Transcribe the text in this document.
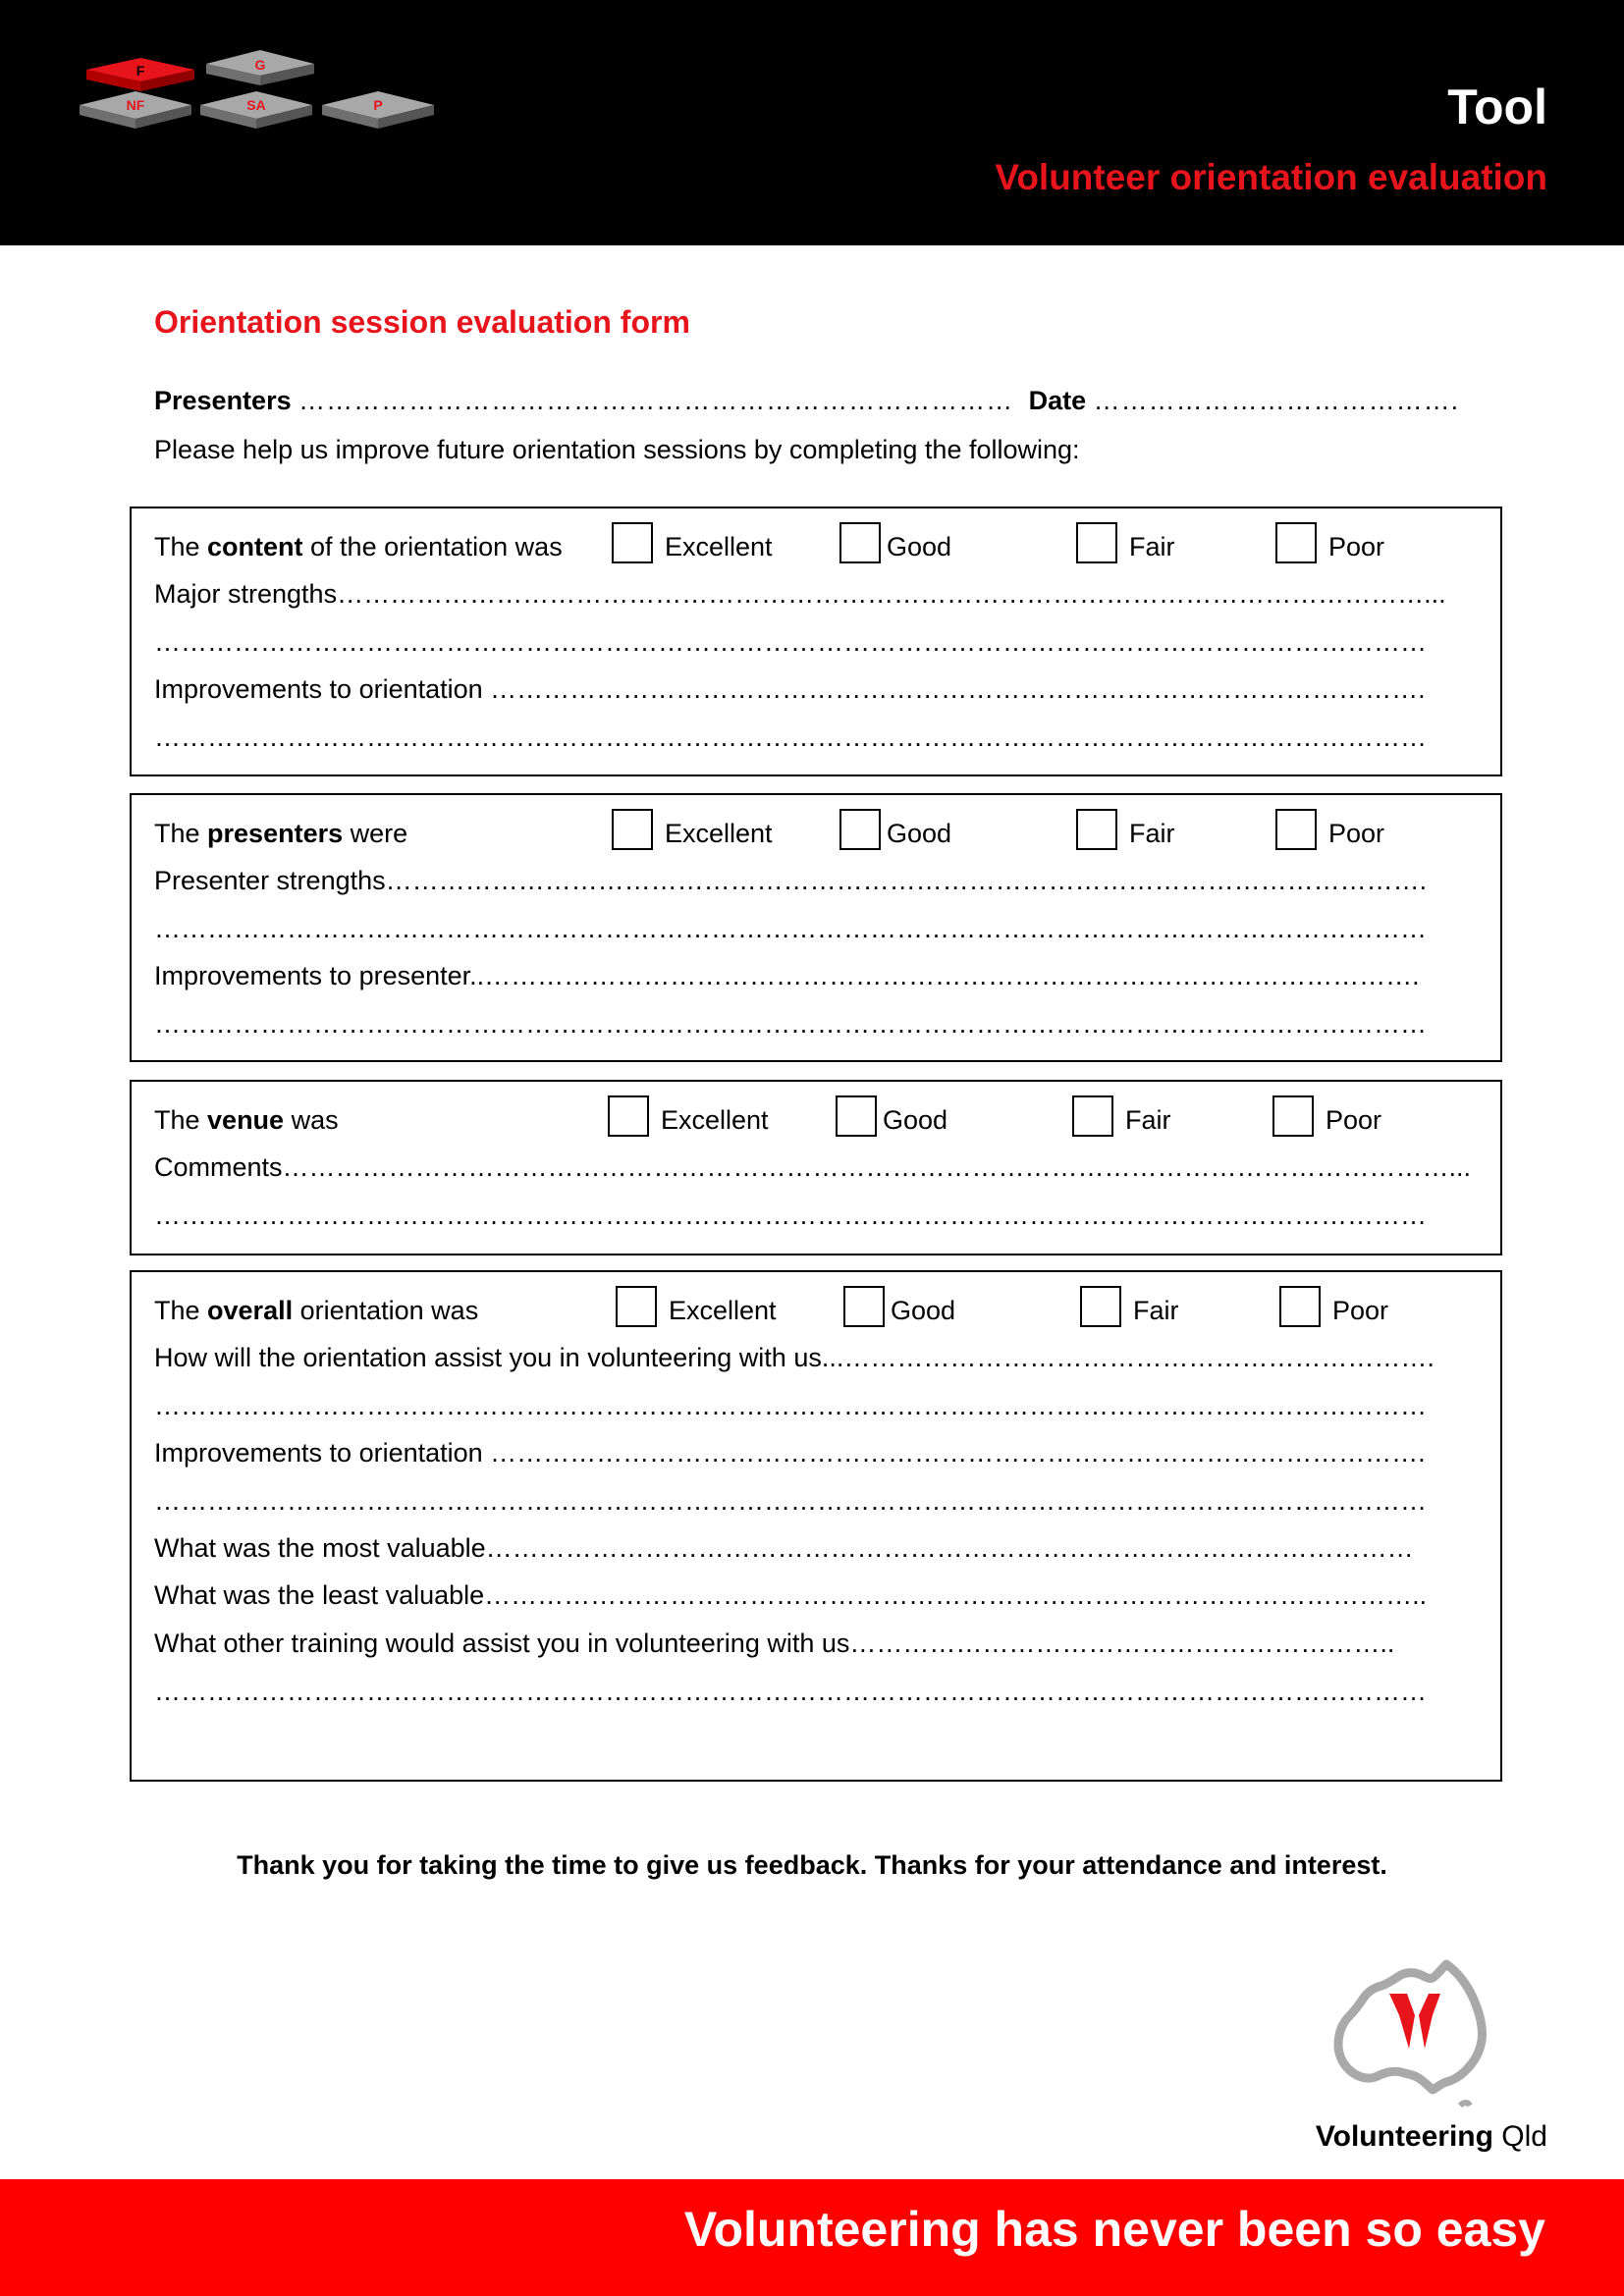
F	G
NF	SA	P	Tool
Volunteer orientation evaluation
Orientation session evaluation form
Presenters …………………………………………………………………… Date ………………………………….
Please help us improve future orientation sessions by completing the following:
The content of the orientation was	Excellent	Good	Fair	Poor
Major strengths……………………………………………………………………………………………………………...
………………………………………………………………………………………………………………………………
Improvements to orientation …………………………………………………………………………………………….
………………………………………………………………………………………………………………………………
The presenters were	Excellent	Good	Fair	Poor
Presenter strengths……………………………………………………………………………………………………….
………………………………………………………………………………………………………………………………
Improvements to presenter..…………………………………………………………………………………………….
………………………………………………………………………………………………………………………………
The venue was	Excellent	Good	Fair	Poor
Comments……………………………………………………………………………………………………………………...
………………………………………………………………………………………………………………………………
The overall orientation was	Excellent	Good	Fair	Poor
How will the orientation assist you in volunteering with us...………………………………………………………….
………………………………………………………………………………………………………………………………
Improvements to orientation …………………………………………………………………………………………….
………………………………………………………………………………………………………………………………
What was the most valuable……………………………………………………………………………………………
What was the least valuable……………………………………………………………………………………………..
What other training would assist you in volunteering with us……………………………………………………..
………………………………………………………………………………………………………………………………
Thank you for taking the time to give us feedback. Thanks for your attendance and interest.
Volunteering Qld
Volunteering has never been so easy
